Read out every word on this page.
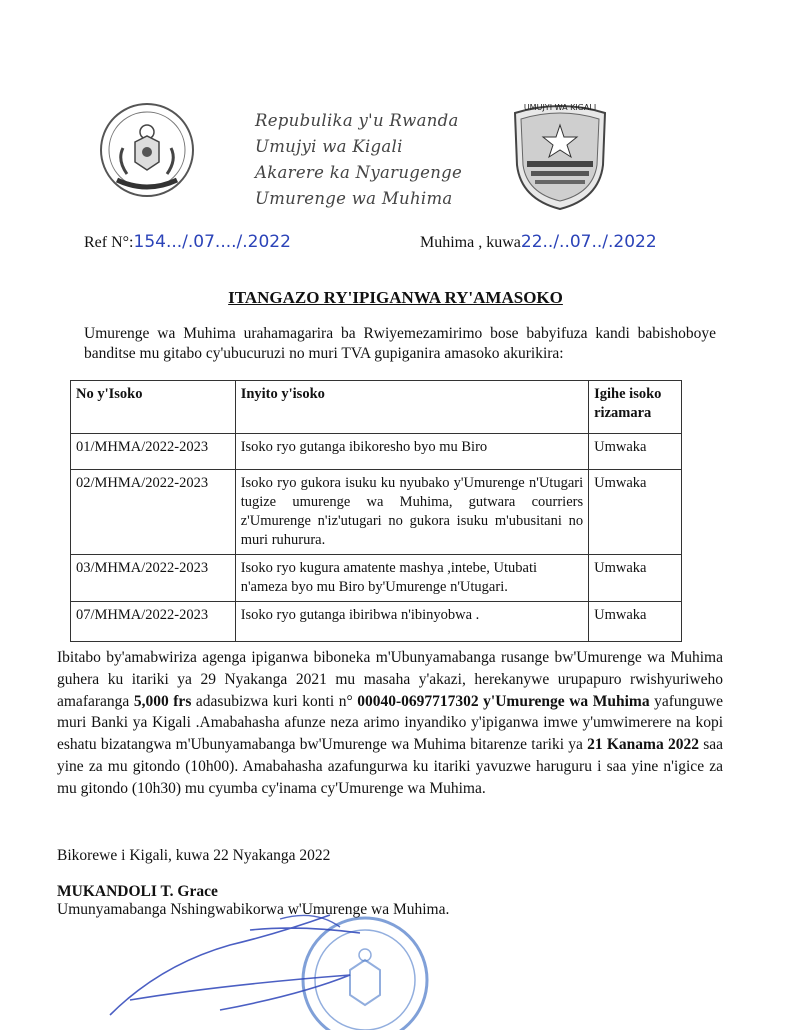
Repubulika y'u Rwanda
Umujyi wa Kigali
Akarere ka Nyarugenge
Umurenge wa Muhima
UMUJYI WA KIGALI
Ref N°:154.../.07..../.2022	Muhima , kuwa22../..07../.2022
ITANGAZO RY'IPIGANWA RY'AMASOKO
Umurenge wa Muhima urahamagarira ba Rwiyemezamirimo bose babyifuza kandi babishoboye banditse mu gitabo cy'ubucuruzi no muri TVA gupiganira amasoko akurikira:
No y'Isoko	Inyito y'isoko	Igihe isoko rizamara
01/MHMA/2022-2023	Isoko ryo gutanga ibikoresho byo mu Biro	Umwaka
02/MHMA/2022-2023	Isoko ryo gukora isuku ku nyubako y'Umurenge n'Utugari tugize umurenge wa Muhima, gutwara courriers z'Umurenge n'iz'utugari no gukora isuku m'ubusitani no muri ruhurura.	Umwaka
03/MHMA/2022-2023	Isoko ryo kugura amatente mashya ,intebe, Utubati n'ameza byo mu Biro by'Umurenge n'Utugari.	Umwaka
07/MHMA/2022-2023	Isoko ryo gutanga ibiribwa n'ibinyobwa .	Umwaka
Ibitabo by'amabwiriza agenga ipiganwa biboneka m'Ubunyamabanga rusange bw'Umurenge wa Muhima guhera ku itariki ya 29 Nyakanga 2021 mu masaha y'akazi, herekanywe urupapuro rwishyuriweho amafaranga 5,000 frs adasubizwa kuri konti n° 00040-0697717302 y'Umurenge wa Muhima yafunguwe muri Banki ya Kigali .Amabahasha afunze neza arimo inyandiko y'ipiganwa imwe y'umwimerere na kopi eshatu bizatangwa m'Ubunyamabanga bw'Umurenge wa Muhima bitarenze tariki ya 21 Kanama 2022 saa yine za mu gitondo (10h00). Amabahasha azafungurwa ku itariki yavuzwe haruguru i saa yine n'igice za mu gitondo (10h30) mu cyumba cy'inama cy'Umurenge wa Muhima.
Bikorewe i Kigali, kuwa 22 Nyakanga 2022
MUKANDOLI T. Grace
Umunyamabanga Nshingwabikorwa w'Umurenge wa Muhima.
